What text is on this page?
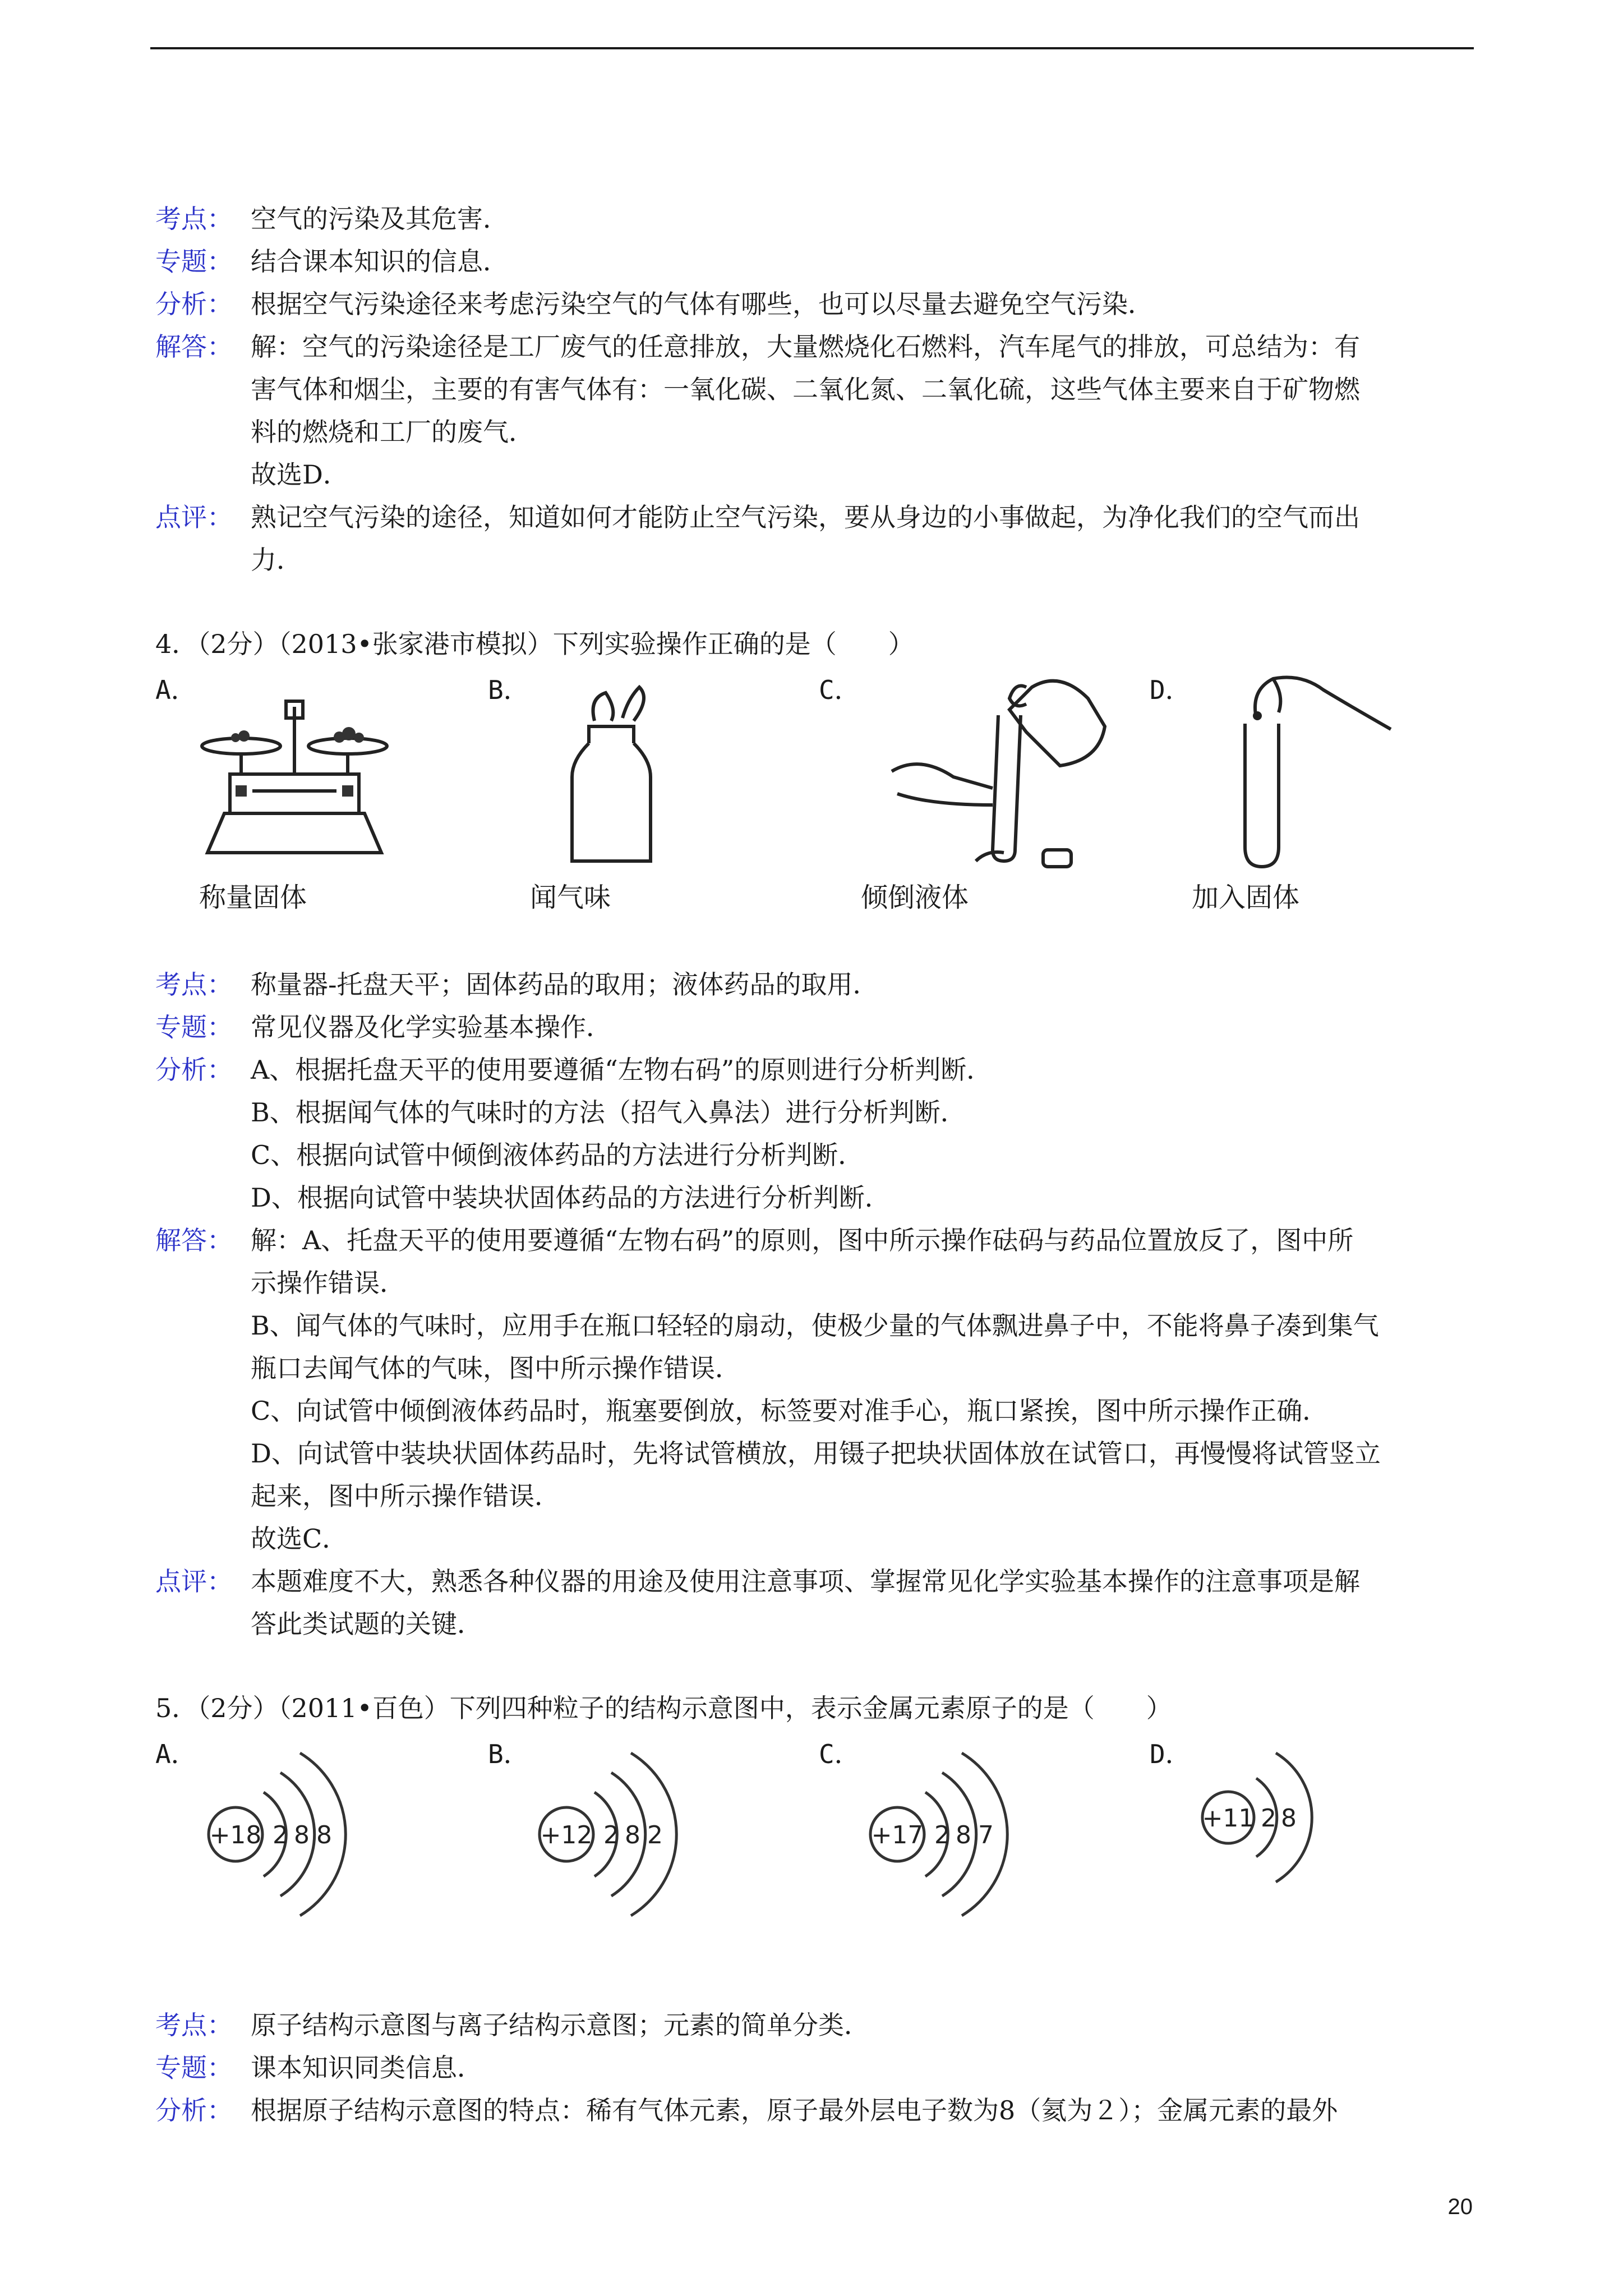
考点： 空气的污染及其危害．
专题： 结合课本知识的信息．
分析： 根据空气污染途径来考虑污染空气的气体有哪些，也可以尽量去避免空气污染．
解答： 解：空气的污染途径是工厂废气的任意排放，大量燃烧化石燃料，汽车尾气的排放，可总结为：有
害气体和烟尘，主要的有害气体有：一氧化碳、二氧化氮、二氧化硫，这些气体主要来自于矿物燃
料的燃烧和工厂的废气．
故选D．
点评： 熟记空气污染的途径，知道如何才能防止空气污染，要从身边的小事做起，为净化我们的空气而出
力．
4．（2分）（2013•张家港市模拟）下列实验操作正确的是（　　）
A．	B．	C．	D．
称量固体	闻气味	倾倒液体	加入固体
考点： 称量器-托盘天平；固体药品的取用；液体药品的取用．
专题： 常见仪器及化学实验基本操作．
分析： A、根据托盘天平的使用要遵循“左物右码”的原则进行分析判断．
B、根据闻气体的气味时的方法（招气入鼻法）进行分析判断．
C、根据向试管中倾倒液体药品的方法进行分析判断．
D、根据向试管中装块状固体药品的方法进行分析判断．
解答： 解：A、托盘天平的使用要遵循“左物右码”的原则，图中所示操作砝码与药品位置放反了，图中所
示操作错误．
B、闻气体的气味时，应用手在瓶口轻轻的扇动，使极少量的气体飘进鼻子中，不能将鼻子凑到集气
瓶口去闻气体的气味，图中所示操作错误．
C、向试管中倾倒液体药品时，瓶塞要倒放，标签要对准手心，瓶口紧挨，图中所示操作正确．
D、向试管中装块状固体药品时，先将试管横放，用镊子把块状固体放在试管口，再慢慢将试管竖立
起来，图中所示操作错误．
故选C．
点评： 本题难度不大，熟悉各种仪器的用途及使用注意事项、掌握常见化学实验基本操作的注意事项是解
答此类试题的关键．
5．（2分）（2011•百色）下列四种粒子的结构示意图中，表示金属元素原子的是（　　）
A．	B．	C．	D．
+18 2 8 8	+12 2 8 2	+17 2 8 7
+11 2 8
考点： 原子结构示意图与离子结构示意图；元素的简单分类．
专题： 课本知识同类信息．
分析： 根据原子结构示意图的特点：稀有气体元素，原子最外层电子数为8（氦为２）；金属元素的最外
20
